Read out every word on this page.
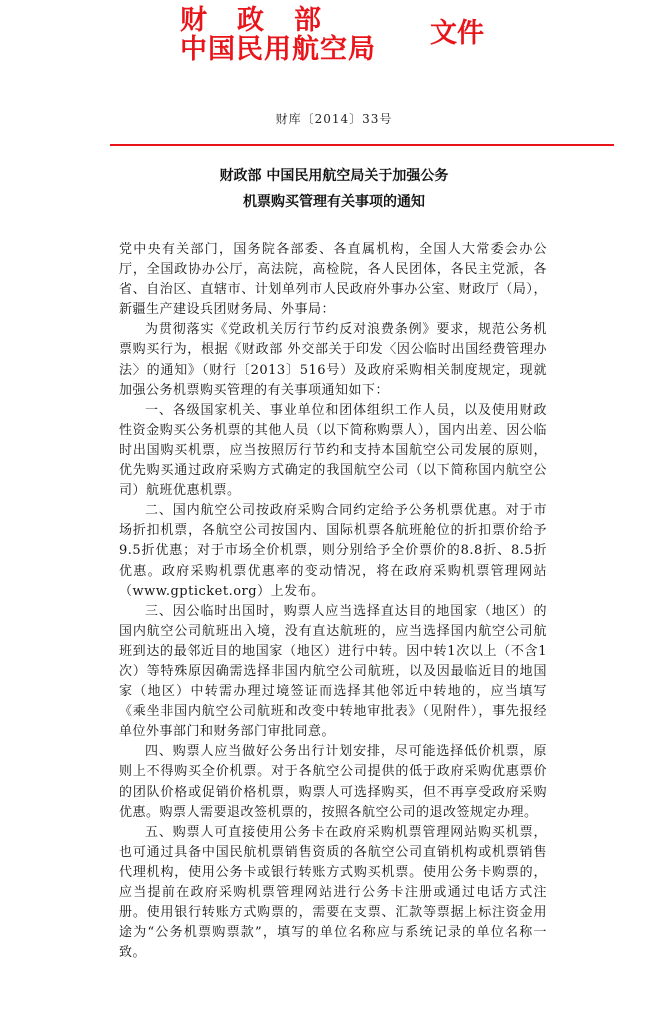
财政部
中国民用航空局
文件
财库〔2014〕33号
财政部 中国民用航空局关于加强公务
机票购买管理有关事项的通知

党中央有关部门，国务院各部委、各直属机构，全国人大常委会办公厅，全国政协办公厅，高法院，高检院，各人民团体，各民主党派，各省、自治区、直辖市、计划单列市人民政府外事办公室、财政厅（局），新疆生产建设兵团财务局、外事局：

为贯彻落实《党政机关厉行节约反对浪费条例》要求，规范公务机票购买行为，根据《财政部 外交部关于印发〈因公临时出国经费管理办法〉的通知》（财行〔2013〕516号）及政府采购相关制度规定，现就加强公务机票购买管理的有关事项通知如下：

一、各级国家机关、事业单位和团体组织工作人员，以及使用财政性资金购买公务机票的其他人员（以下简称购票人），国内出差、因公临时出国购买机票，应当按照厉行节约和支持本国航空公司发展的原则，优先购买通过政府采购方式确定的我国航空公司（以下简称国内航空公司）航班优惠机票。

二、国内航空公司按政府采购合同约定给予公务机票优惠。对于市场折扣机票，各航空公司按国内、国际机票各航班舱位的折扣票价给予9.5折优惠；对于市场全价机票，则分别给予全价票价的8.8折、8.5折优惠。政府采购机票优惠率的变动情况，将在政府采购机票管理网站（www.gpticket.org）上发布。

三、因公临时出国时，购票人应当选择直达目的地国家（地区）的国内航空公司航班出入境，没有直达航班的，应当选择国内航空公司航班到达的最邻近目的地国家（地区）进行中转。因中转1次以上（不含1次）等特殊原因确需选择非国内航空公司航班，以及因最临近目的地国家（地区）中转需办理过境签证而选择其他邻近中转地的，应当填写《乘坐非国内航空公司航班和改变中转地审批表》（见附件），事先报经单位外事部门和财务部门审批同意。

四、购票人应当做好公务出行计划安排，尽可能选择低价机票，原则上不得购买全价机票。对于各航空公司提供的低于政府采购优惠票价的团队价格或促销价格机票，购票人可选择购买，但不再享受政府采购优惠。购票人需要退改签机票的，按照各航空公司的退改签规定办理。

五、购票人可直接使用公务卡在政府采购机票管理网站购买机票，也可通过具备中国民航机票销售资质的各航空公司直销机构或机票销售代理机构，使用公务卡或银行转账方式购买机票。使用公务卡购票的，应当提前在政府采购机票管理网站进行公务卡注册或通过电话方式注册。使用银行转账方式购票的，需要在支票、汇款等票据上标注资金用途为“公务机票购票款”，填写的单位名称应与系统记录的单位名称一致。
